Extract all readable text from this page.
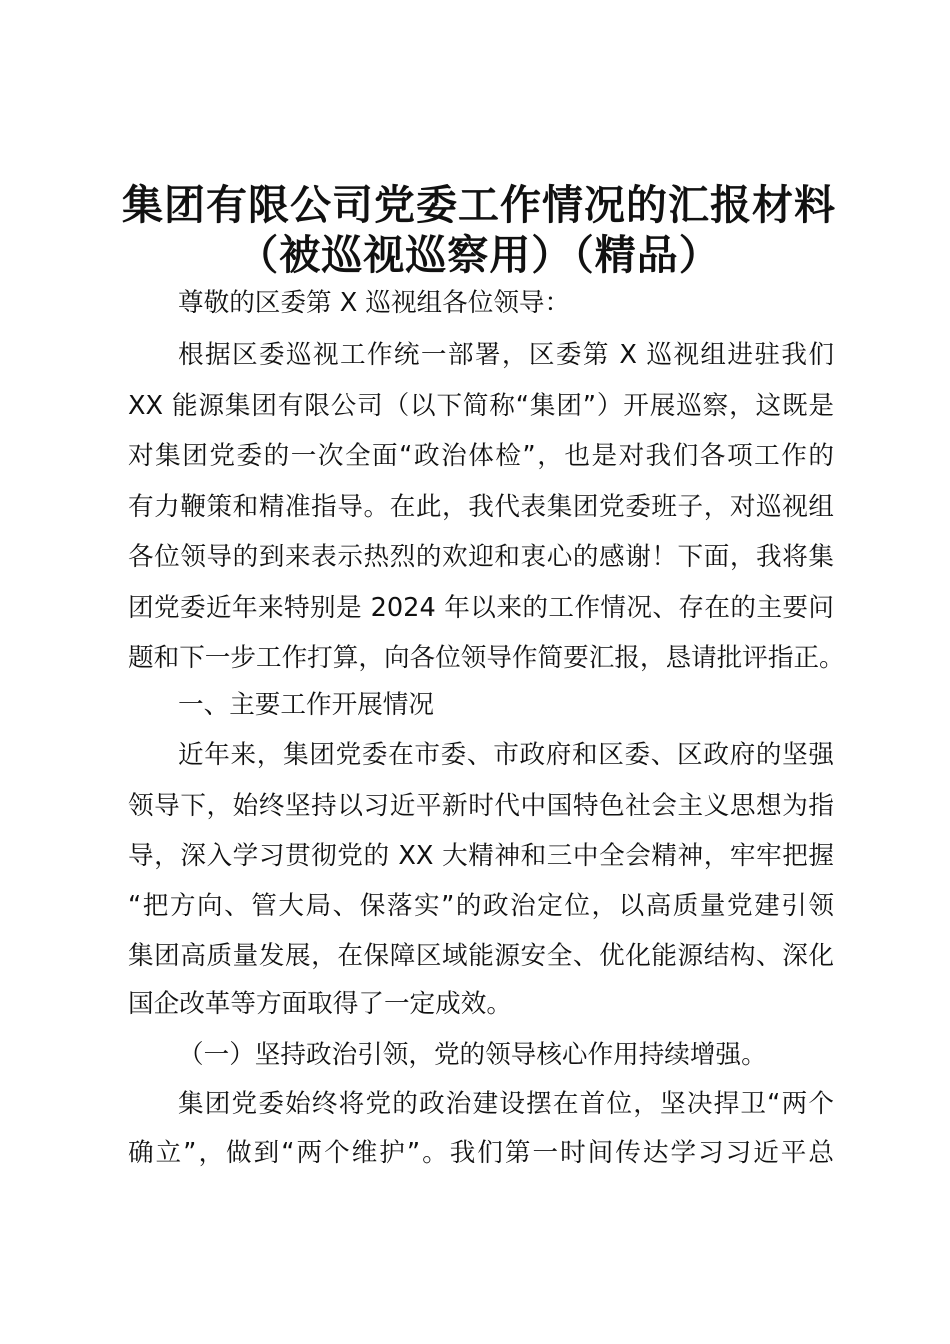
集团有限公司党委工作情况的汇报材料
（被巡视巡察用）（精品）
尊敬的区委第 X 巡视组各位领导：
根据区委巡视工作统一部署，区委第 X 巡视组进驻我们
XX 能源集团有限公司（以下简称“集团”）开展巡察，这既是
对集团党委的一次全面“政治体检”，也是对我们各项工作的
有力鞭策和精准指导。在此，我代表集团党委班子，对巡视组
各位领导的到来表示热烈的欢迎和衷心的感谢！下面，我将集
团党委近年来特别是 2024 年以来的工作情况、存在的主要问
题和下一步工作打算，向各位领导作简要汇报，恳请批评指正。
一、主要工作开展情况
近年来，集团党委在市委、市政府和区委、区政府的坚强
领导下，始终坚持以习近平新时代中国特色社会主义思想为指
导，深入学习贯彻党的 XX 大精神和三中全会精神，牢牢把握
“把方向、管大局、保落实”的政治定位，以高质量党建引领
集团高质量发展，在保障区域能源安全、优化能源结构、深化
国企改革等方面取得了一定成效。
（一）坚持政治引领，党的领导核心作用持续增强。
集团党委始终将党的政治建设摆在首位，坚决捍卫“两个
确立”，做到“两个维护”。我们第一时间传达学习习近平总
